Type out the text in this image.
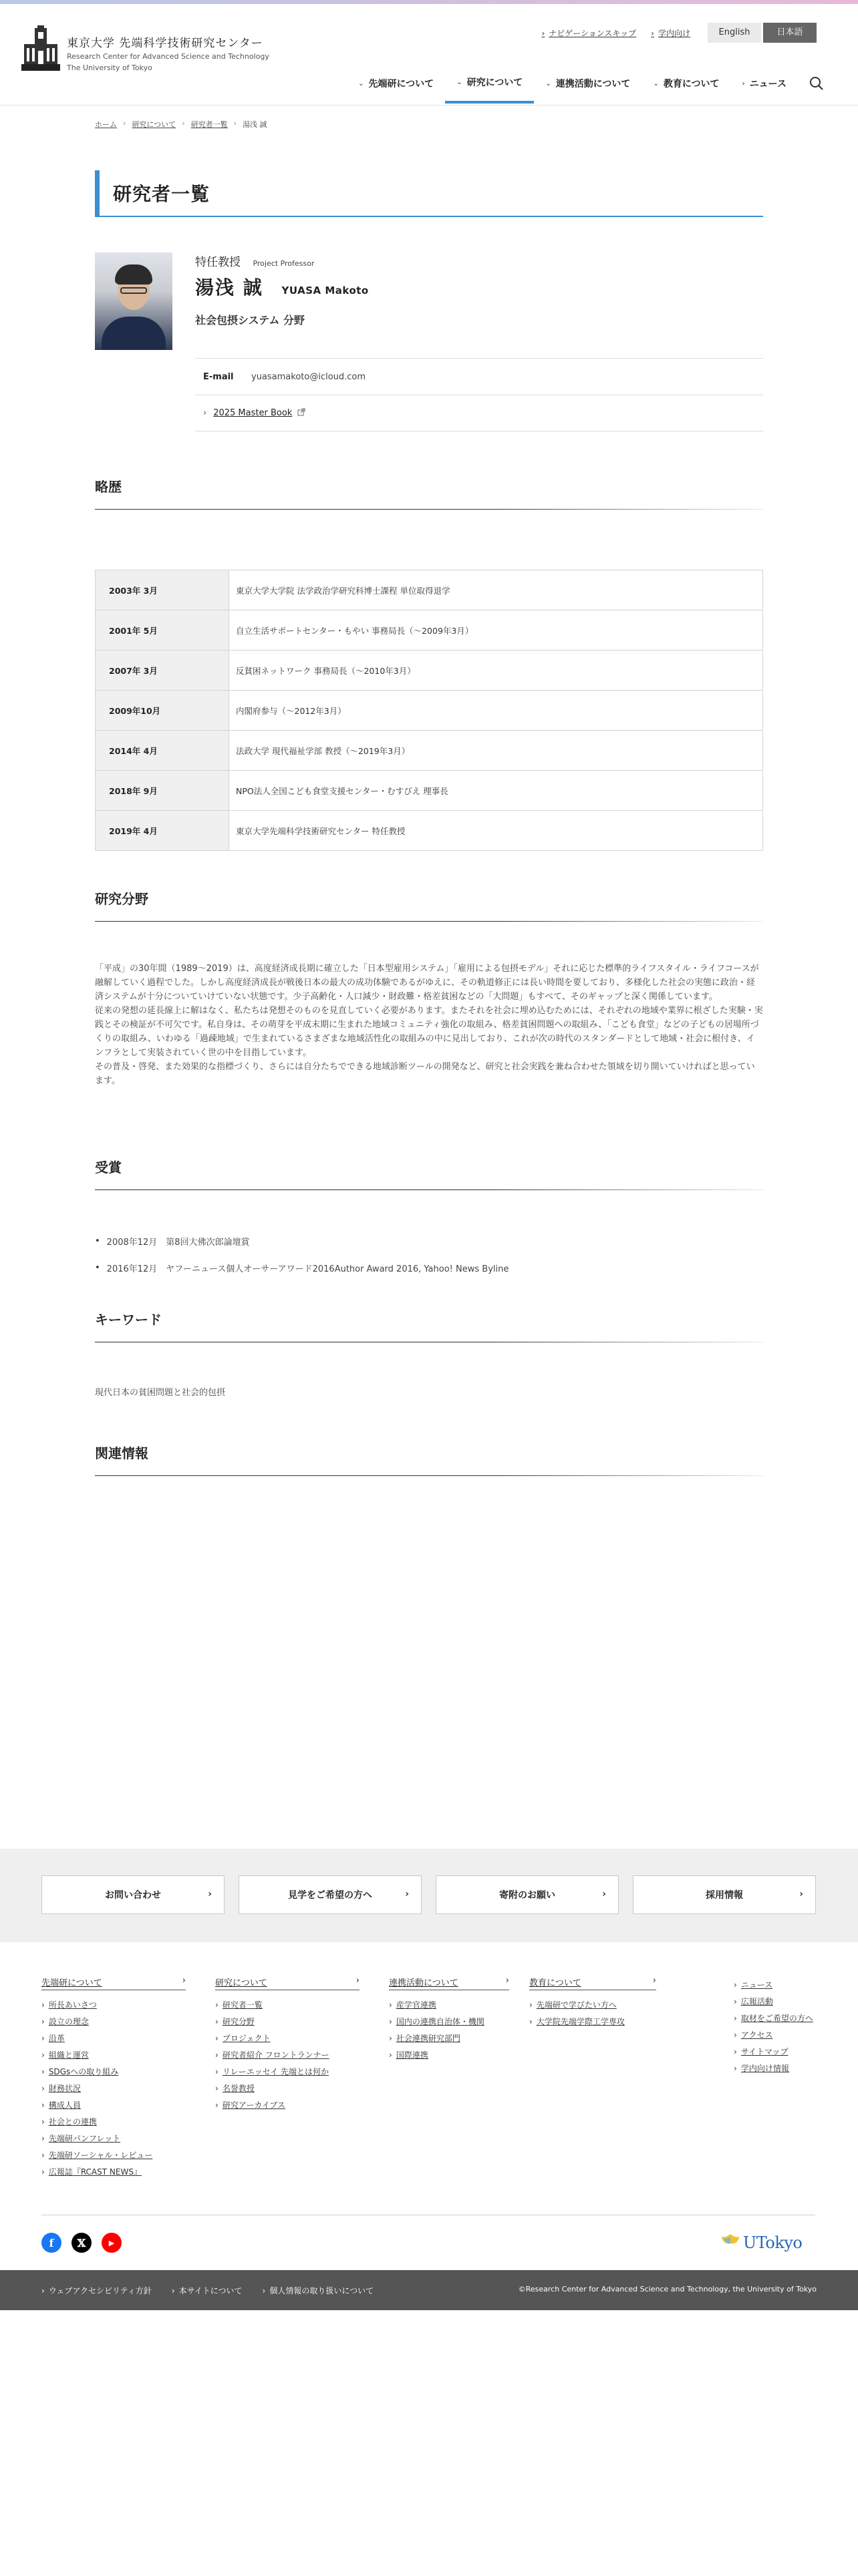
東京大学 先端科学技術研究センター
Research Center for Advanced Science and Technology
The University of Tokyo
› ナビゲーションスキップ	› 学内向け	English	日本語
⌄ 先端研について	⌄ 研究について	⌄ 連携活動について	⌄ 教育について	› ニュース
ホーム › 研究について › 研究者一覧 › 湯浅 誠
研究者一覧
特任教授 Project Professor
湯浅 誠 YUASA Makoto
社会包摂システム 分野
E-mail	yuasamakoto@icloud.com
› 2025 Master Book
略歴
2003年 3月	東京大学大学院 法学政治学研究科博士課程 単位取得退学
2001年 5月	自立生活サポートセンター・もやい 事務局長（〜2009年3月）
2007年 3月	反貧困ネットワーク 事務局長（〜2010年3月）
2009年10月	内閣府参与（〜2012年3月）
2014年 4月	法政大学 現代福祉学部 教授（〜2019年3月）
2018年 9月	NPO法人全国こども食堂支援センター・むすびえ 理事長
2019年 4月	東京大学先端科学技術研究センター 特任教授
研究分野

「平成」の30年間（1989〜2019）は、高度経済成長期に確立した「日本型雇用システム」「雇用による包摂モデル」それに応じた標準的ライフスタイル・ライフコースが融解していく過程でした。しかし高度経済成長が戦後日本の最大の成功体験であるがゆえに、その軌道修正には長い時間を要しており、多様化した社会の実態に政治・経済システムが十分についていけていない状態です。少子高齢化・人口減少・財政難・格差貧困などの「大問題」もすべて、そのギャップと深く関係しています。

従来の発想の延長線上に解はなく、私たちは発想そのものを見直していく必要があります。またそれを社会に埋め込むためには、それぞれの地域や業界に根ざした実験・実践とその検証が不可欠です。私自身は、その萌芽を平成末期に生まれた地域コミュニティ強化の取組み、格差貧困問題への取組み、「こども食堂」などの子どもの居場所づくりの取組み、いわゆる「過疎地域」で生まれているさまざまな地域活性化の取組みの中に見出しており、これが次の時代のスタンダードとして地域・社会に根付き、インフラとして実装されていく世の中を目指しています。

その普及・啓発、また効果的な指標づくり、さらには自分たちでできる地域診断ツールの開発など、研究と社会実践を兼ね合わせた領域を切り開いていければと思っています。

受賞
• 2008年12月　第8回大佛次郎論壇賞
• 2016年12月　ヤフーニュース個人オーサーアワード2016Author Award 2016, Yahoo! News Byline
キーワード
現代日本の貧困問題と社会的包摂
関連情報
お問い合わせ	›	見学をご希望の方へ	›	寄附のお願い	›	採用情報	›
先端研について	›
› 所長あいさつ
› 設立の理念
› 沿革
› 組織と運営
› SDGsへの取り組み
› 財務状況
› 構成人員
› 社会との連携
› 先端研パンフレット
› 先端研ソーシャル・レビュー
› 広報誌『RCAST NEWS』
研究について	›
› 研究者一覧
› 研究分野
› プロジェクト
› 研究者紹介 フロントランナー
› リレーエッセイ 先端とは何か
› 名誉教授
› 研究アーカイブス
連携活動について	›
› 産学官連携
› 国内の連携自治体・機関
› 社会連携研究部門
› 国際連携
教育について	›
› 先端研で学びたい方へ
› 大学院先端学際工学専攻
› ニュース
› 広報活動
› 取材をご希望の方へ
› アクセス
› サイトマップ
› 学内向け情報
f	𝕏	▶	UTokyo
› ウェブアクセシビリティ方針	› 本サイトについて	› 個人情報の取り扱いについて	©Research Center for Advanced Science and Technology, the University of Tokyo
